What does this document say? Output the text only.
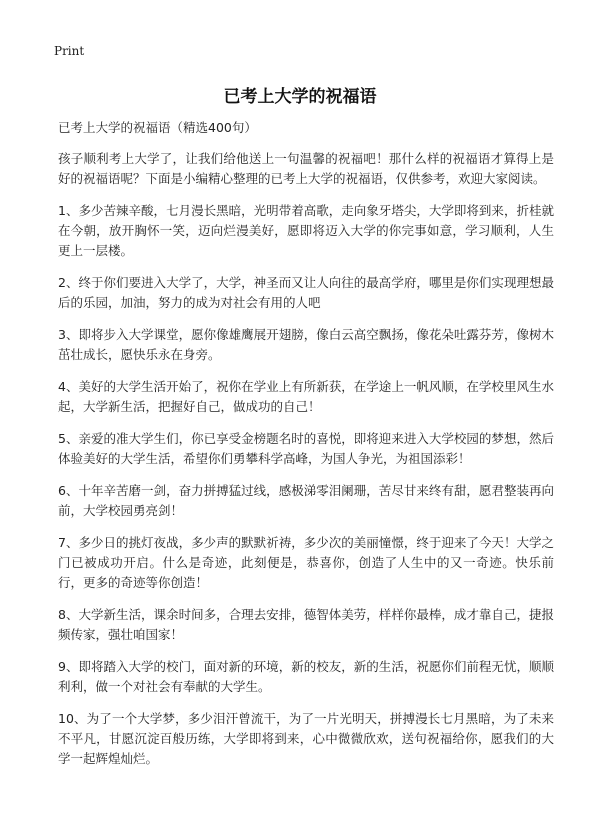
Print
已考上大学的祝福语

已考上大学的祝福语（精选400句）

孩子顺利考上大学了，让我们给他送上一句温馨的祝福吧！那什么样的祝福语才算得上是好的祝福语呢？下面是小编精心整理的已考上大学的祝福语，仅供参考，欢迎大家阅读。

1、多少苦辣辛酸，七月漫长黑暗，光明带着高歌，走向象牙塔尖，大学即将到来，折桂就在今朝，放开胸怀一笑，迈向烂漫美好，愿即将迈入大学的你完事如意，学习顺利，人生更上一层楼。

2、终于你们要进入大学了，大学，神圣而又让人向往的最高学府，哪里是你们实现理想最后的乐园，加油，努力的成为对社会有用的人吧

3、即将步入大学课堂，愿你像雄鹰展开翅膀，像白云高空飘扬，像花朵吐露芬芳，像树木茁壮成长，愿快乐永在身旁。

4、美好的大学生活开始了，祝你在学业上有所新获，在学途上一帆风顺，在学校里风生水起，大学新生活，把握好自己，做成功的自己！

5、亲爱的准大学生们，你已享受金榜题名时的喜悦，即将迎来进入大学校园的梦想，然后体验美好的大学生活，希望你们勇攀科学高峰，为国人争光，为祖国添彩！

6、十年辛苦磨一剑，奋力拼搏猛过线，感极涕零泪阑珊，苦尽甘来终有甜，愿君整装再向前，大学校园勇亮剑！

7、多少日的挑灯夜战，多少声的默默祈祷，多少次的美丽憧憬，终于迎来了今天！大学之门已被成功开启。什么是奇迹，此刻便是，恭喜你，创造了人生中的又一奇迹。快乐前行，更多的奇迹等你创造！

8、大学新生活，课余时间多，合理去安排，德智体美劳，样样你最棒，成才靠自己，捷报频传家，强壮咱国家！

9、即将踏入大学的校门，面对新的环境，新的校友，新的生活，祝愿你们前程无忧，顺顺利利，做一个对社会有奉献的大学生。

10、为了一个大学梦，多少泪汗曾流干，为了一片光明天，拼搏漫长七月黑暗，为了未来不平凡，甘愿沉淀百般历练，大学即将到来，心中微微欣欢，送句祝福给你，愿我们的大学一起辉煌灿烂。
